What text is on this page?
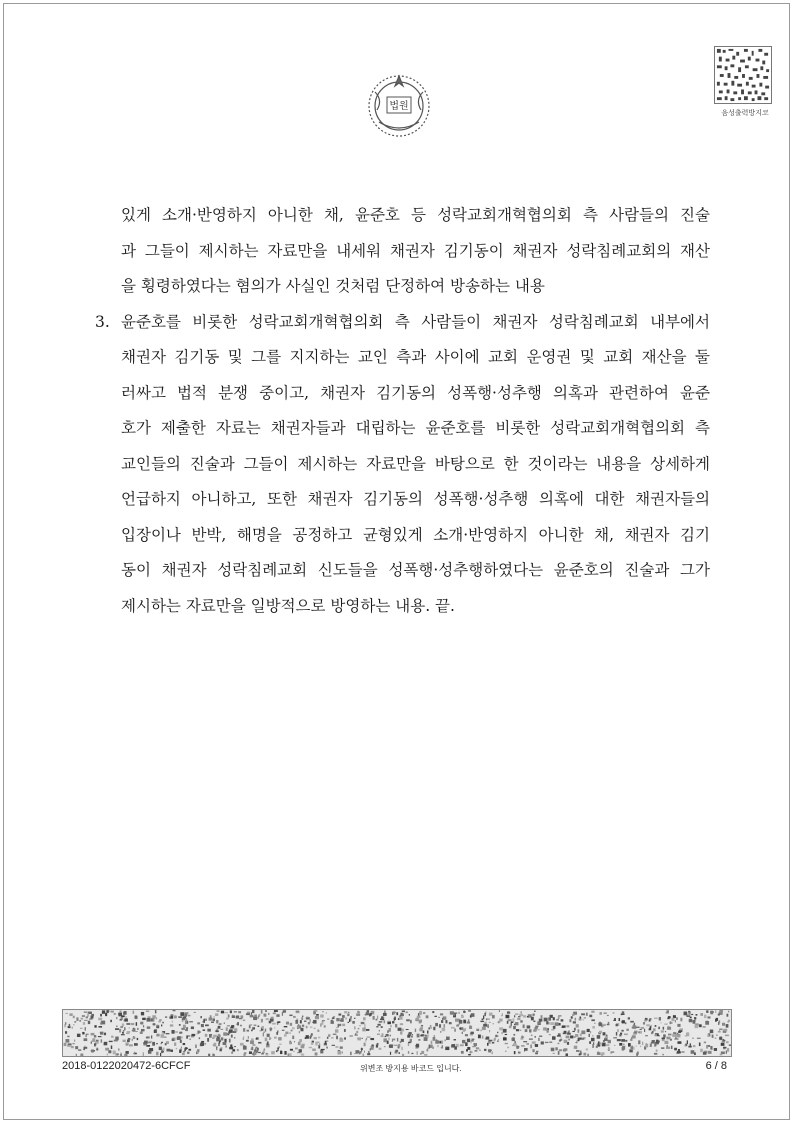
법원
음성출력방지코
있게 소개·반영하지 아니한 채, 윤준호 등 성락교회개혁협의회 측 사람들의 진술
과 그들이 제시하는 자료만을 내세워 채권자 김기동이 채권자 성락침례교회의 재산
을 횡령하였다는 혐의가 사실인 것처럼 단정하여 방송하는 내용
3. 윤준호를 비롯한 성락교회개혁협의회 측 사람들이 채권자 성락침례교회 내부에서
채권자 김기동 및 그를 지지하는 교인 측과 사이에 교회 운영권 및 교회 재산을 둘
러싸고 법적 분쟁 중이고, 채권자 김기동의 성폭행·성추행 의혹과 관련하여 윤준
호가 제출한 자료는 채권자들과 대립하는 윤준호를 비롯한 성락교회개혁협의회 측
교인들의 진술과 그들이 제시하는 자료만을 바탕으로 한 것이라는 내용을 상세하게
언급하지 아니하고, 또한 채권자 김기동의 성폭행·성추행 의혹에 대한 채권자들의
입장이나 반박, 해명을 공정하고 균형있게 소개·반영하지 아니한 채, 채권자 김기
동이 채권자 성락침례교회 신도들을 성폭행·성추행하였다는 윤준호의 진술과 그가
제시하는 자료만을 일방적으로 방영하는 내용. 끝.
2018-0122020472-6CFCF	위변조 방지용 바코드 입니다.	6 / 8
